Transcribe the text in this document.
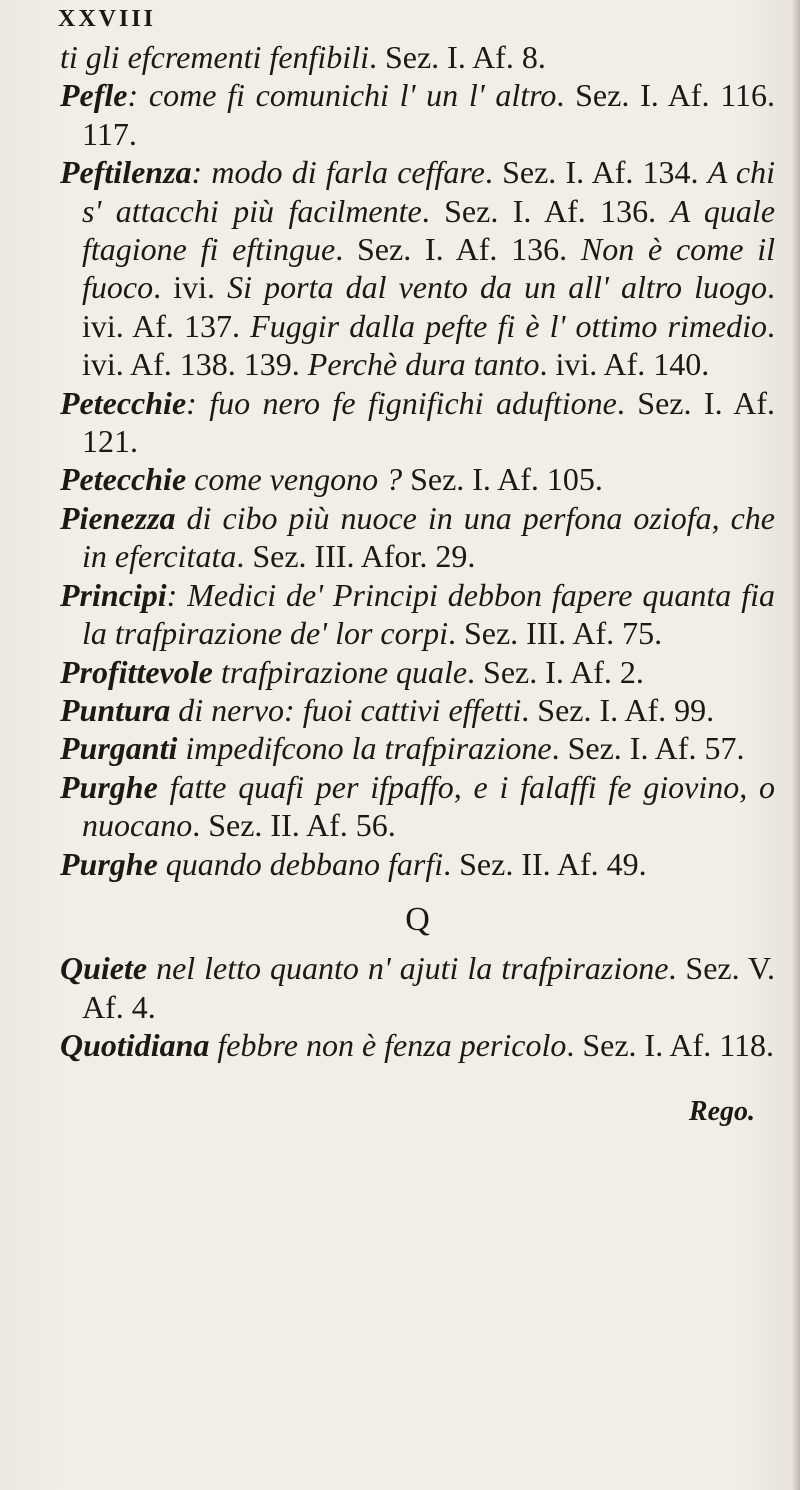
XXVIII

ti gli efcrementi fenfibili. Sez. I. Af. 8.

Pefle: come fi comunichi l' un l' altro. Sez. I. Af. 116. 117.

Peftilenza: modo di farla ceffare. Sez. I. Af. 134. A chi s' attacchi più facilmente. Sez. I. Af. 136. A quale ftagione fi eftingue. Sez. I. Af. 136. Non è come il fuoco. ivi. Si porta dal vento da un all' altro luogo. ivi. Af. 137. Fuggir dalla pefte fi è l' ottimo rimedio. ivi. Af. 138. 139. Perchè dura tanto. ivi. Af. 140.

Petecchie: fuo nero fe fignifichi aduftione. Sez. I. Af. 121.

Petecchie come vengono ? Sez. I. Af. 105.

Pienezza di cibo più nuoce in una perfona oziofa, che in efercitata. Sez. III. Afor. 29.

Principi: Medici de' Principi debbon fapere quanta fia la trafpirazione de' lor corpi. Sez. III. Af. 75.

Profittevole trafpirazione quale. Sez. I. Af. 2.

Puntura di nervo: fuoi cattivi effetti. Sez. I. Af. 99.

Purganti impedifcono la trafpirazione. Sez. I. Af. 57.

Purghe fatte quafi per ifpaffo, e i falaffi fe giovino, o nuocano. Sez. II. Af. 56.

Purghe quando debbano farfi. Sez. II. Af. 49.

Q

Quiete nel letto quanto n' ajuti la trafpirazione. Sez. V. Af. 4.

Quotidiana febbre non è fenza pericolo. Sez. I. Af. 118.

Rego.
